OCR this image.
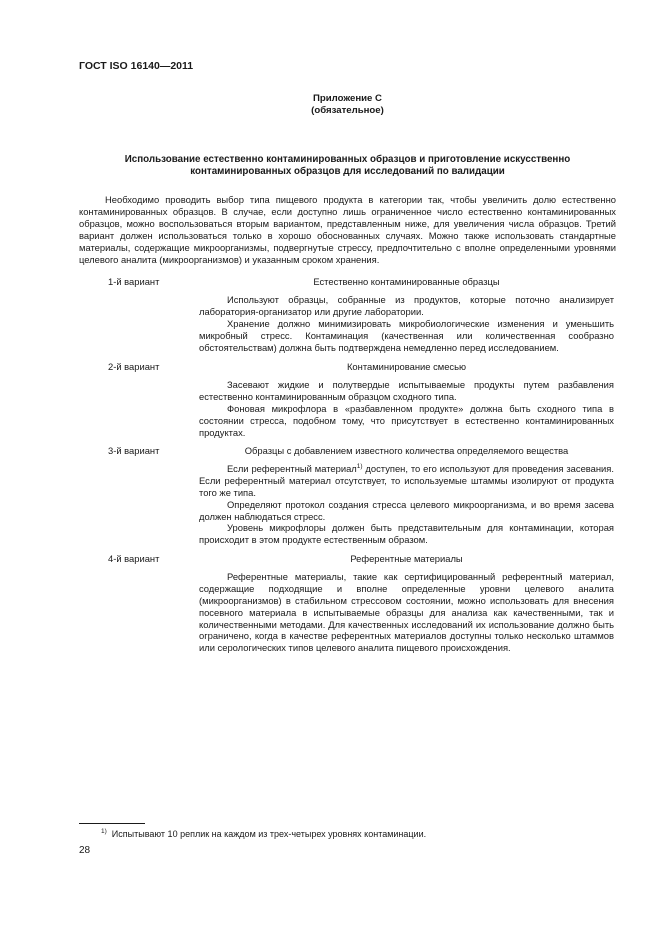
ГОСТ ISO 16140—2011
Приложение С
(обязательное)
Использование естественно контаминированных образцов и приготовление искусственно
контаминированных образцов для исследований по валидации

Необходимо проводить выбор типа пищевого продукта в категории так, чтобы увеличить долю естественно контаминированных образцов. В случае, если доступно лишь ограниченное число естественно контаминированных образцов, можно воспользоваться вторым вариантом, представленным ниже, для увеличения числа образцов. Третий вариант должен использоваться только в хорошо обоснованных случаях. Можно также использовать стандартные материалы, содержащие микроорганизмы, подвергнутые стрессу, предпочтительно с вполне определенными уровнями целевого аналита (микроорганизмов) и указанным сроком хранения.

1-й вариант	Естественно контаминированные образцы

Используют образцы, собранные из продуктов, которые поточно анализирует лаборатория-организатор или другие лаборатории.

Хранение должно минимизировать микробиологические изменения и уменьшить микробный стресс. Контаминация (качественная или количественная сообразно обстоятельствам) должна быть подтверждена немедленно перед исследованием.

2-й вариант	Контаминирование смесью

Засевают жидкие и полутвердые испытываемые продукты путем разбавления естественно контаминированным образцом сходного типа.

Фоновая микрофлора в «разбавленном продукте» должна быть сходного типа в состоянии стресса, подобном тому, что присутствует в естественно контаминированных продуктах.

3-й вариант	Образцы с добавлением известного количества определяемого вещества

Если референтный материал$^{1)}$ доступен, то его используют для проведения засевания. Если референтный материал отсутствует, то используемые штаммы изолируют от продукта того же типа.

Определяют протокол создания стресса целевого микроорганизма, и во время засева должен наблюдаться стресс.

Уровень микрофлоры должен быть представительным для контаминации, которая происходит в этом продукте естественным образом.

4-й вариант	Референтные материалы

Референтные материалы, такие как сертифицированный референтный материал, содержащие подходящие и вполне определенные уровни целевого аналита (микроорганизмов) в стабильном стрессовом состоянии, можно использовать для внесения посевного материала в испытываемые образцы для анализа как качественными, так и количественными методами. Для качественных исследований их использование должно быть ограничено, когда в качестве референтных материалов доступны только несколько штаммов или серологических типов целевого аналита пищевого происхождения.

$^{1)}$ Испытывают 10 реплик на каждом из трех-четырех уровнях контаминации.
28
